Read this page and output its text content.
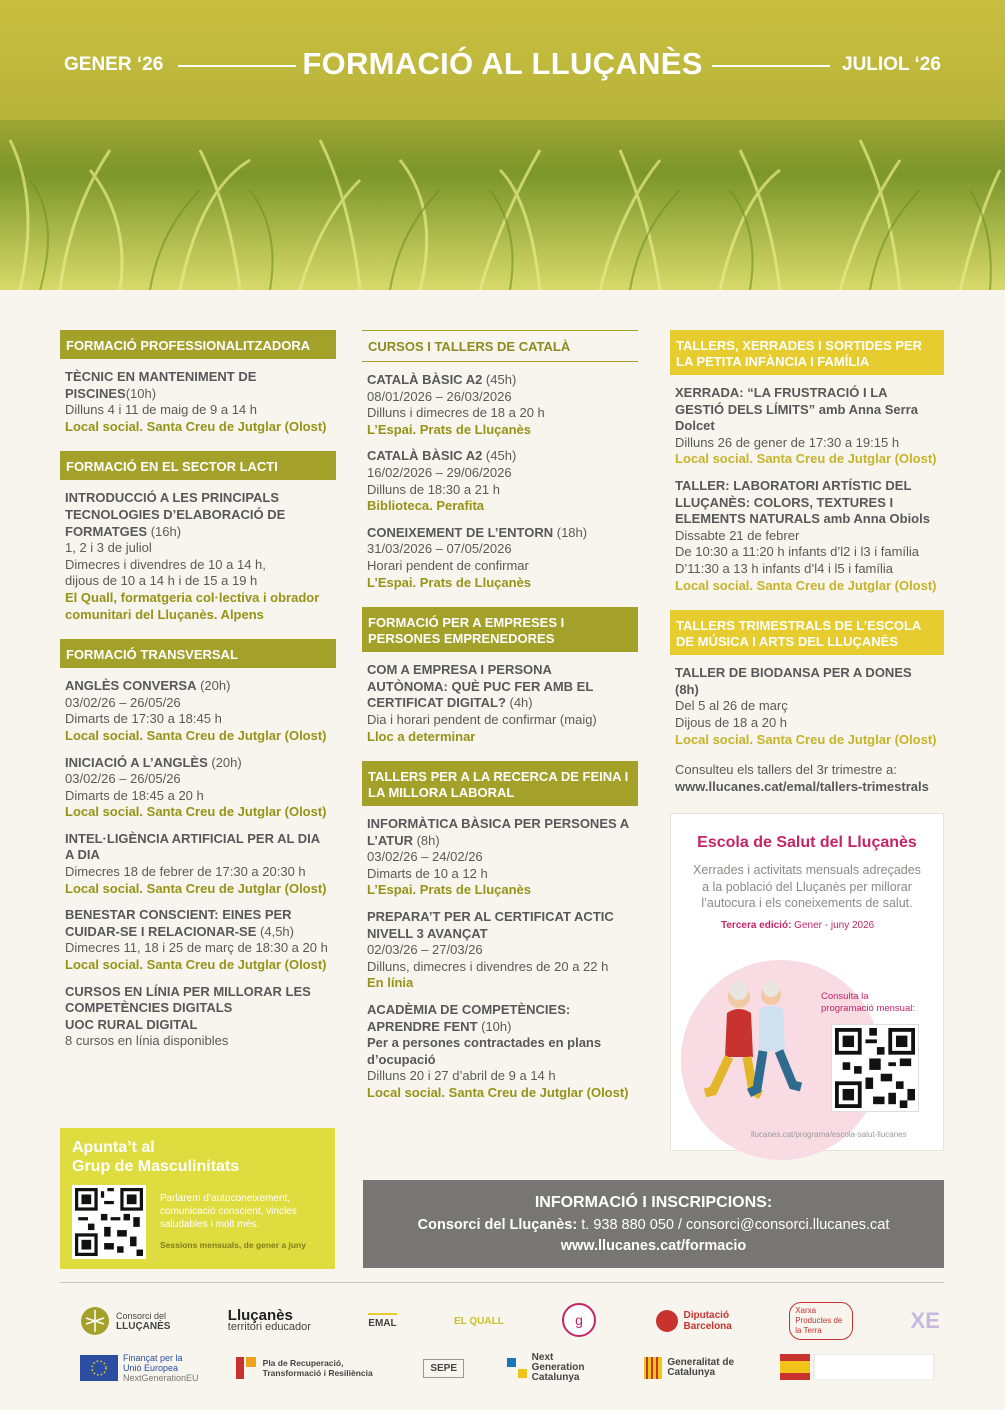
GENER ‘26	FORMACIÓ AL LLUÇANÈS	JULIOL ‘26
FORMACIÓ PROFESSIONALITZADORA
TÈCNIC EN MANTENIMENT DE PISCINES(10h)
Dilluns 4 i 11 de maig de 9 a 14 h
Local social. Santa Creu de Jutglar (Olost)
FORMACIÓ EN EL SECTOR LACTI
INTRODUCCIÓ A LES PRINCIPALS TECNOLOGIES D’ELABORACIÓ DE FORMATGES (16h)
1, 2 i 3 de juliol
Dimecres i divendres de 10 a 14 h,
dijous de 10 a 14 h i de 15 a 19 h
El Quall, formatgeria col·lectiva i obrador comunitari del Lluçanès. Alpens
FORMACIÓ TRANSVERSAL
ANGLÈS CONVERSA (20h)
03/02/26 – 26/05/26
Dimarts de 17:30 a 18:45 h
Local social. Santa Creu de Jutglar (Olost)
INICIACIÓ A L’ANGLÈS (20h)
03/02/26 – 26/05/26
Dimarts de 18:45 a 20 h
Local social. Santa Creu de Jutglar (Olost)
INTEL·LIGÈNCIA ARTIFICIAL PER AL DIA A DIA
Dimecres 18 de febrer de 17:30 a 20:30 h
Local social. Santa Creu de Jutglar (Olost)
BENESTAR CONSCIENT: EINES PER CUIDAR-SE I RELACIONAR-SE (4,5h)
Dimecres 11, 18 i 25 de març de 18:30 a 20 h
Local social. Santa Creu de Jutglar (Olost)
CURSOS EN LÍNIA PER MILLORAR LES COMPETÈNCIES DIGITALS
UOC RURAL DIGITAL
8 cursos en línia disponibles
Apunta’t al
Grup de Masculinitats
Parlarem d’autoconeixement, comunicació conscient, vincles saludables i molt més.
Sessions mensuals, de gener a juny
CURSOS I TALLERS DE CATALÀ
CATALÀ BÀSIC A2 (45h)
08/01/2026 – 26/03/2026
Dilluns i dimecres de 18 a 20 h
L’Espai. Prats de Lluçanès
CATALÀ BÀSIC A2 (45h)
16/02/2026 – 29/06/2026
Dilluns de 18:30 a 21 h
Biblioteca. Perafita
CONEIXEMENT DE L’ENTORN (18h)
31/03/2026 – 07/05/2026
Horari pendent de confirmar
L’Espai. Prats de Lluçanès
FORMACIÓ PER A EMPRESES I PERSONES EMPRENEDORES
COM A EMPRESA I PERSONA AUTÒNOMA: QUÈ PUC FER AMB EL CERTIFICAT DIGITAL? (4h)
Dia i horari pendent de confirmar (maig)
Lloc a determinar
TALLERS PER A LA RECERCA DE FEINA I LA MILLORA LABORAL
INFORMÀTICA BÀSICA PER PERSONES A L’ATUR (8h)
03/02/26 – 24/02/26
Dimarts de 10 a 12 h
L’Espai. Prats de Lluçanès
PREPARA’T PER AL CERTIFICAT ACTIC NIVELL 3 AVANÇAT
02/03/26 – 27/03/26
Dilluns, dimecres i divendres de 20 a 22 h
En línia
ACADÈMIA DE COMPETÈNCIES: APRENDRE FENT (10h)
Per a persones contractades en plans d’ocupació
Dilluns 20 i 27 d’abril de 9 a 14 h
Local social. Santa Creu de Jutglar (Olost)
TALLERS, XERRADES I SORTIDES PER LA PETITA INFÀNCIA I FAMÍLIA
XERRADA: “LA FRUSTRACIÓ I LA GESTIÓ DELS LÍMITS” amb Anna Serra Dolcet
Dilluns 26 de gener de 17:30 a 19:15 h
Local social. Santa Creu de Jutglar (Olost)
TALLER: LABORATORI ARTÍSTIC DEL LLUÇANÈS: COLORS, TEXTURES I ELEMENTS NATURALS amb Anna Obiols
Dissabte 21 de febrer
De 10:30 a 11:20 h infants d’l2 i l3 i família
D’11:30 a 13 h infants d’l4 i l5 i família
Local social. Santa Creu de Jutglar (Olost)
TALLERS TRIMESTRALS DE L’ESCOLA DE MÚSICA I ARTS DEL LLUÇANÈS
TALLER DE BIODANSA PER A DONES (8h)
Del 5 al 26 de març
Dijous de 18 a 20 h
Local social. Santa Creu de Jutglar (Olost)
Consulteu els tallers del 3r trimestre a:
www.llucanes.cat/emal/tallers-trimestrals
Escola de Salut del Lluçanès
Xerrades i activitats mensuals adreçades a la població del Lluçanès per millorar l’autocura i els coneixements de salut.
Tercera edició: Gener - juny 2026
Consulta la
programació mensual:
llucanes.cat/programa/escola-salut-llucanes
INFORMACIÓ I INSCRIPCIONS:
Consorci del Lluçanès: t. 938 880 050 / consorci@consorci.llucanes.cat
www.llucanes.cat/formacio
Consorci del
LLUÇANÈS
Lluçanès
territori educador	EMAL	EL QUALL	g	Diputació
Barcelona
Xarxa Productes de la Terra	XE
Finançat per la Unió Europea
NextGenerationEU
Pla de Recuperació, Transformació i Resiliència	SEPE
Next Generation Catalunya
Generalitat de Catalunya
